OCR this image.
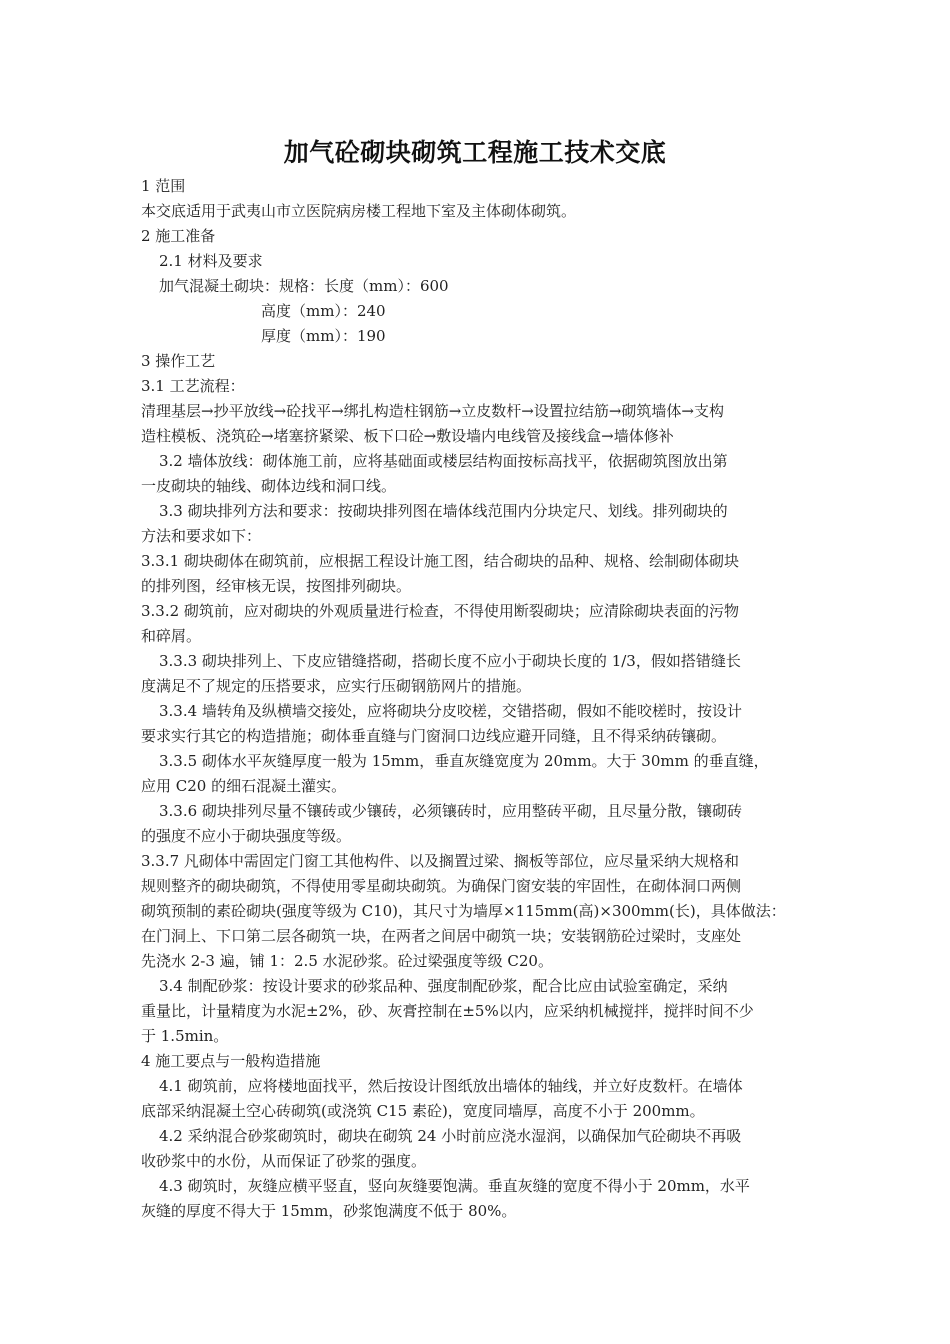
加气砼砌块砌筑工程施工技术交底
1 范围
本交底适用于武夷山市立医院病房楼工程地下室及主体砌体砌筑。
2 施工准备
2.1 材料及要求
加气混凝土砌块：规格：长度（mm）：600
高度（mm）：240
厚度（mm）：190
3 操作工艺
3.1 工艺流程：
清理基层→抄平放线→砼找平→绑扎构造柱钢筋→立皮数杆→设置拉结筋→砌筑墙体→支构
造柱模板、浇筑砼→堵塞挤紧梁、板下口砼→敷设墙内电线管及接线盒→墙体修补
3.2 墙体放线：砌体施工前，应将基础面或楼层结构面按标高找平，依据砌筑图放出第
一皮砌块的轴线、砌体边线和洞口线。
3.3 砌块排列方法和要求：按砌块排列图在墙体线范围内分块定尺、划线。排列砌块的
方法和要求如下：
3.3.1 砌块砌体在砌筑前，应根据工程设计施工图，结合砌块的品种、规格、绘制砌体砌块
的排列图，经审核无误，按图排列砌块。
3.3.2 砌筑前，应对砌块的外观质量进行检查，不得使用断裂砌块；应清除砌块表面的污物
和碎屑。
3.3.3 砌块排列上、下皮应错缝搭砌，搭砌长度不应小于砌块长度的 1/3，假如搭错缝长
度满足不了规定的压搭要求，应实行压砌钢筋网片的措施。
3.3.4 墙转角及纵横墙交接处，应将砌块分皮咬槎，交错搭砌，假如不能咬槎时，按设计
要求实行其它的构造措施；砌体垂直缝与门窗洞口边线应避开同缝，且不得采纳砖镶砌。
3.3.5 砌体水平灰缝厚度一般为 15mm，垂直灰缝宽度为 20mm。大于 30mm 的垂直缝，
应用 C20 的细石混凝土灌实。
3.3.6 砌块排列尽量不镶砖或少镶砖，必须镶砖时，应用整砖平砌，且尽量分散，镶砌砖
的强度不应小于砌块强度等级。
3.3.7 凡砌体中需固定门窗工其他构件、以及搁置过梁、搁板等部位，应尽量采纳大规格和
规则整齐的砌块砌筑，不得使用零星砌块砌筑。为确保门窗安装的牢固性，在砌体洞口两侧
砌筑预制的素砼砌块(强度等级为 C10)，其尺寸为墙厚×115mm(高)×300mm(长)，具体做法：
在门洞上、下口第二层各砌筑一块，在两者之间居中砌筑一块；安装钢筋砼过梁时，支座处
先浇水 2-3 遍，铺 1：2.5 水泥砂浆。砼过梁强度等级 C20。
3.4 制配砂浆：按设计要求的砂浆品种、强度制配砂浆，配合比应由试验室确定，采纳
重量比，计量精度为水泥±2%，砂、灰膏控制在±5%以内，应采纳机械搅拌，搅拌时间不少
于 1.5min。
4 施工要点与一般构造措施
4.1 砌筑前，应将楼地面找平，然后按设计图纸放出墙体的轴线，并立好皮数杆。在墙体
底部采纳混凝土空心砖砌筑(或浇筑 C15 素砼)，宽度同墙厚，高度不小于 200mm。
4.2 采纳混合砂浆砌筑时，砌块在砌筑 24 小时前应浇水湿润，以确保加气砼砌块不再吸
收砂浆中的水份，从而保证了砂浆的强度。
4.3 砌筑时，灰缝应横平竖直，竖向灰缝要饱满。垂直灰缝的宽度不得小于 20mm，水平
灰缝的厚度不得大于 15mm，砂浆饱满度不低于 80%。
